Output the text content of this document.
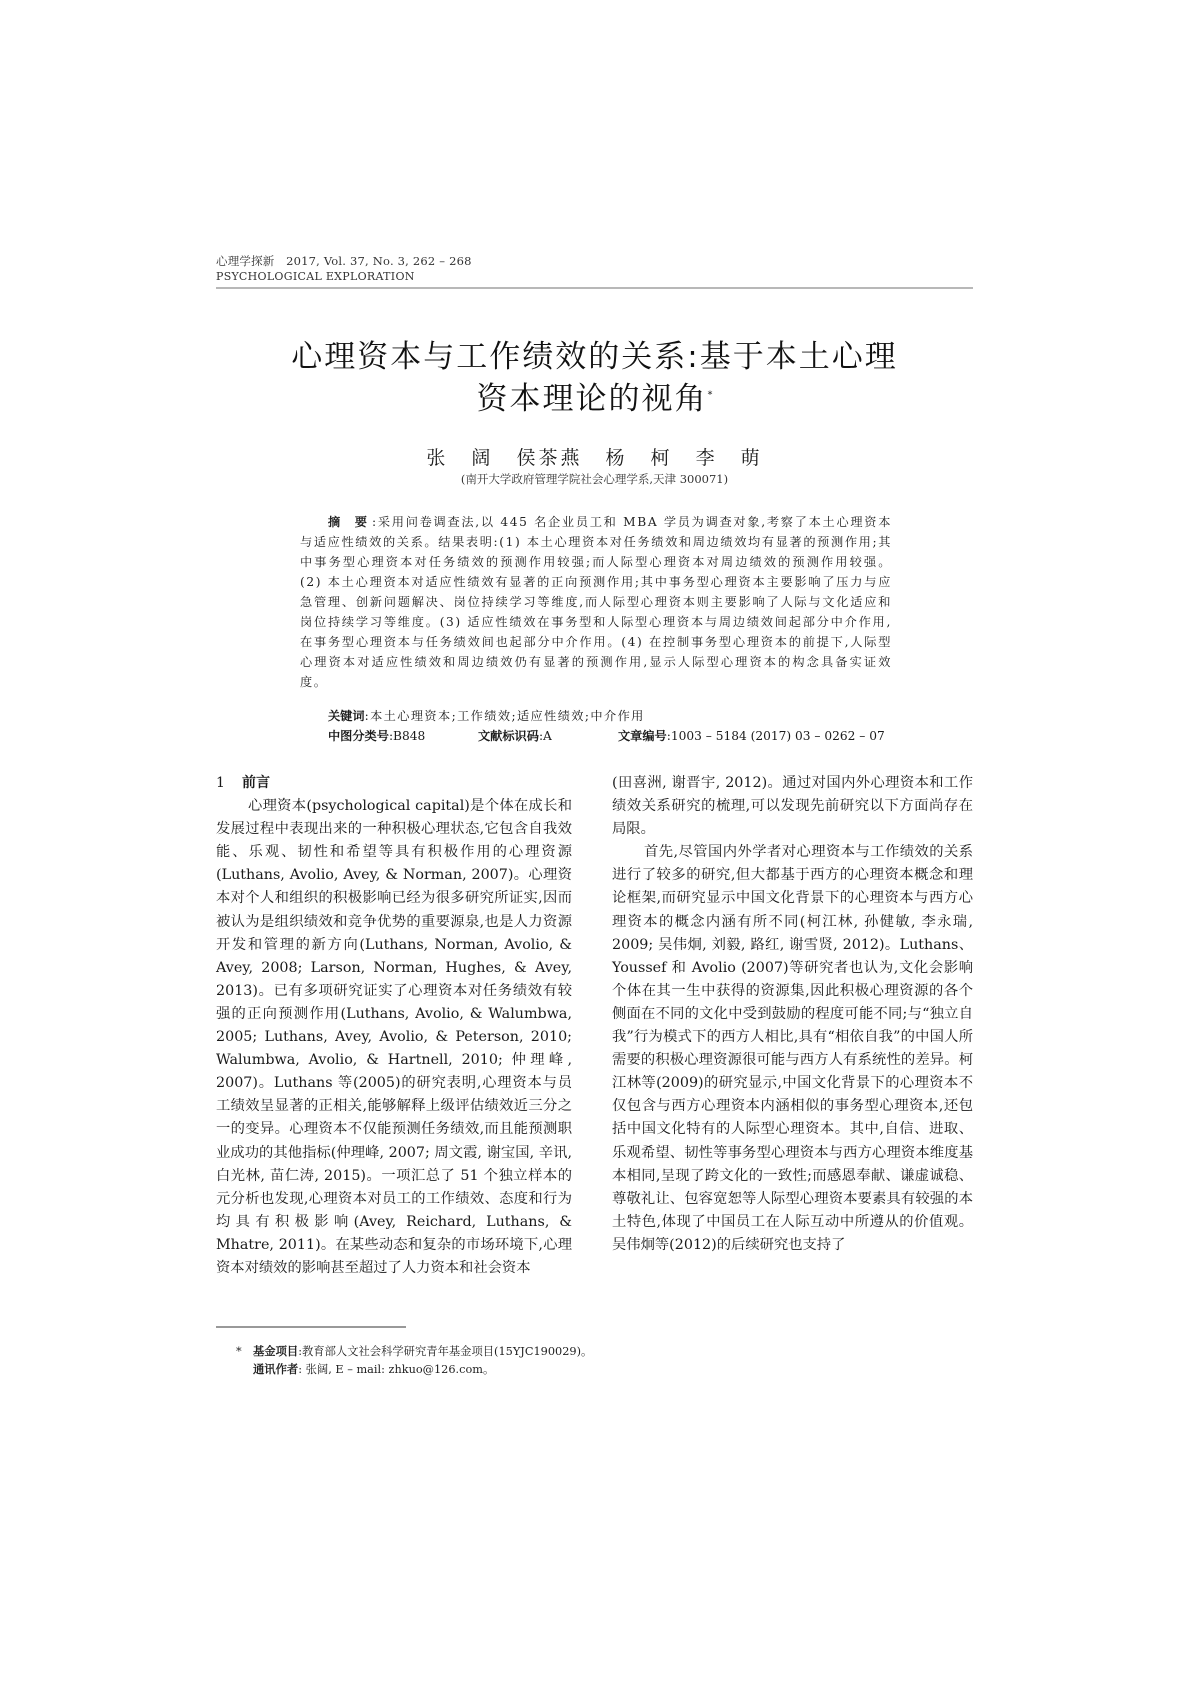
心理学探新 2017, Vol. 37, No. 3, 262 – 268
PSYCHOLOGICAL EXPLORATION
心理资本与工作绩效的关系:基于本土心理
资本理论的视角*
张 阔 侯茶燕 杨 柯 李 萌
(南开大学政府管理学院社会心理学系,天津 300071)

摘 要:采用问卷调查法,以 445 名企业员工和 MBA 学员为调查对象,考察了本土心理资本与适应性绩效的关系。结果表明:(1) 本土心理资本对任务绩效和周边绩效均有显著的预测作用;其中事务型心理资本对任务绩效的预测作用较强;而人际型心理资本对周边绩效的预测作用较强。(2) 本土心理资本对适应性绩效有显著的正向预测作用;其中事务型心理资本主要影响了压力与应急管理、创新问题解决、岗位持续学习等维度,而人际型心理资本则主要影响了人际与文化适应和岗位持续学习等维度。(3) 适应性绩效在事务型和人际型心理资本与周边绩效间起部分中介作用,在事务型心理资本与任务绩效间也起部分中介作用。(4) 在控制事务型心理资本的前提下,人际型心理资本对适应性绩效和周边绩效仍有显著的预测作用,显示人际型心理资本的构念具备实证效度。

关键词:本土心理资本;工作绩效;适应性绩效;中介作用
中图分类号:B848	文献标识码:A	文章编号:1003 – 5184 (2017) 03 – 0262 – 07

1 前言

心理资本(psychological capital)是个体在成长和发展过程中表现出来的一种积极心理状态,它包含自我效能、乐观、韧性和希望等具有积极作用的心理资源(Luthans, Avolio, Avey, & Norman, 2007)。心理资本对个人和组织的积极影响已经为很多研究所证实,因而被认为是组织绩效和竞争优势的重要源泉,也是人力资源开发和管理的新方向(Luthans, Norman, Avolio, & Avey, 2008; Larson, Norman, Hughes, & Avey, 2013)。已有多项研究证实了心理资本对任务绩效有较强的正向预测作用(Luthans, Avolio, & Walumbwa, 2005; Luthans, Avey, Avolio, & Peterson, 2010; Walumbwa, Avolio, & Hartnell, 2010; 仲理峰, 2007)。Luthans 等(2005)的研究表明,心理资本与员工绩效呈显著的正相关,能够解释上级评估绩效近三分之一的变异。心理资本不仅能预测任务绩效,而且能预测职业成功的其他指标(仲理峰, 2007; 周文霞, 谢宝国, 辛讯, 白光林, 苗仁涛, 2015)。一项汇总了 51 个独立样本的元分析也发现,心理资本对员工的工作绩效、态度和行为均具有积极影响(Avey, Reichard, Luthans, & Mhatre, 2011)。在某些动态和复杂的市场环境下,心理资本对绩效的影响甚至超过了人力资本和社会资本

(田喜洲, 谢晋宇, 2012)。通过对国内外心理资本和工作绩效关系研究的梳理,可以发现先前研究以下方面尚存在局限。

首先,尽管国内外学者对心理资本与工作绩效的关系进行了较多的研究,但大都基于西方的心理资本概念和理论框架,而研究显示中国文化背景下的心理资本与西方心理资本的概念内涵有所不同(柯江林, 孙健敏, 李永瑞, 2009; 吴伟炯, 刘毅, 路红, 谢雪贤, 2012)。Luthans、Youssef 和 Avolio (2007)等研究者也认为,文化会影响个体在其一生中获得的资源集,因此积极心理资源的各个侧面在不同的文化中受到鼓励的程度可能不同;与“独立自我”行为模式下的西方人相比,具有“相依自我”的中国人所需要的积极心理资源很可能与西方人有系统性的差异。柯江林等(2009)的研究显示,中国文化背景下的心理资本不仅包含与西方心理资本内涵相似的事务型心理资本,还包括中国文化特有的人际型心理资本。其中,自信、进取、乐观希望、韧性等事务型心理资本与西方心理资本维度基本相同,呈现了跨文化的一致性;而感恩奉献、谦虚诚稳、尊敬礼让、包容宽恕等人际型心理资本要素具有较强的本土特色,体现了中国员工在人际互动中所遵从的价值观。吴伟炯等(2012)的后续研究也支持了

* 基金项目:教育部人文社会科学研究青年基金项目(15YJC190029)。
通讯作者: 张阔, E – mail: zhkuo@126.com。
